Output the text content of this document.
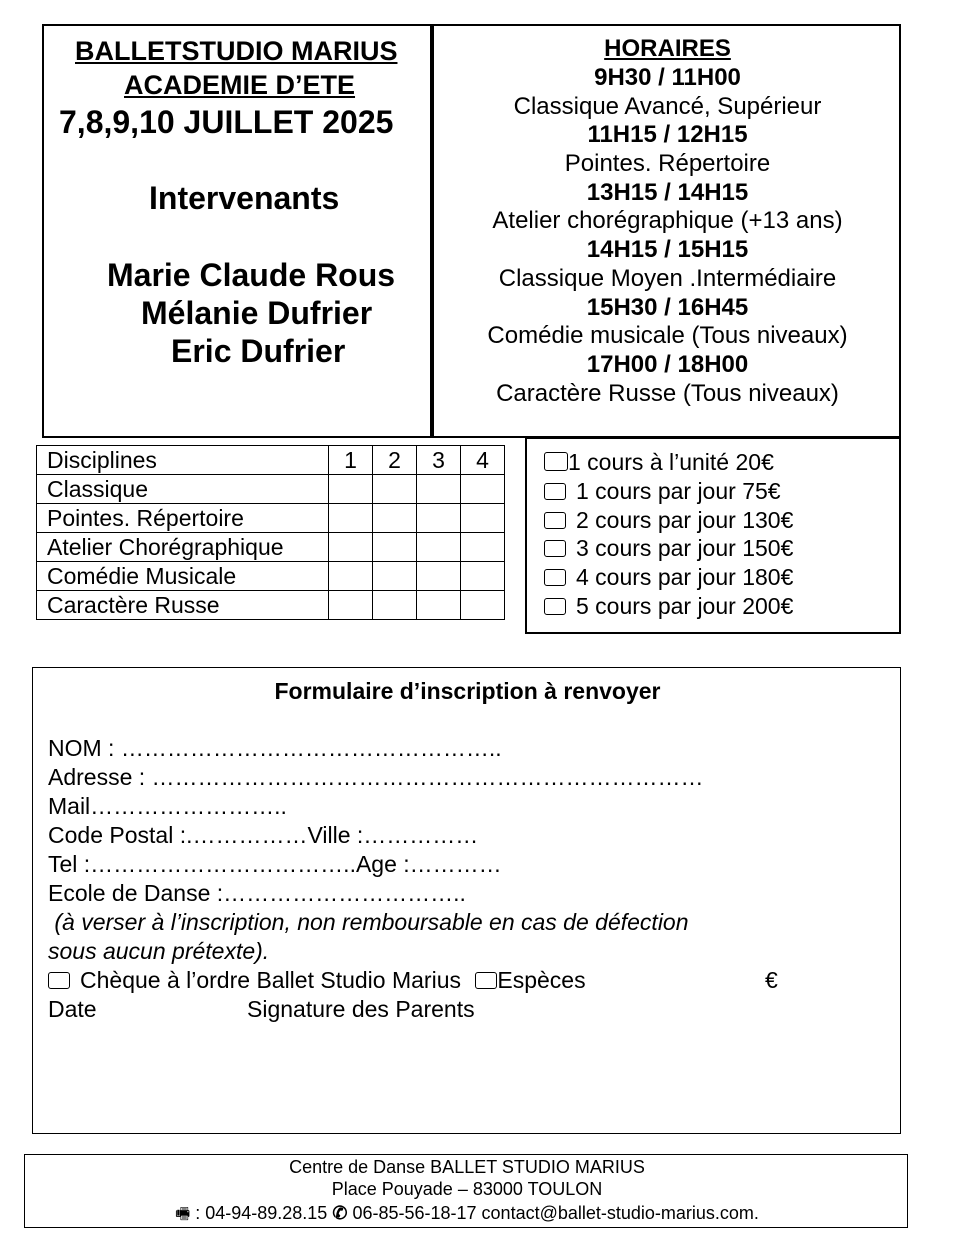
BALLETSTUDIO MARIUS
ACADEMIE D’ETE
7,8,9,10 JUILLET 2025
Intervenants
Marie Claude Rous
Mélanie Dufrier
Eric Dufrier
HORAIRES
9H30 / 11H00
Classique Avancé, Supérieur
11H15 / 12H15
Pointes. Répertoire
13H15 / 14H15
Atelier chorégraphique (+13 ans)
14H15 / 15H15
Classique Moyen .Intermédiaire
15H30 / 16H45
Comédie musicale (Tous niveaux)
17H00 / 18H00
Caractère Russe (Tous niveaux)
Disciplines	1	2	3	4
Classique				
Pointes. Répertoire				
Atelier Chorégraphique				
Comédie Musicale				
Caractère Russe				
1 cours à l’unité 20€
1 cours par jour 75€
2 cours par jour 130€
3 cours par jour 150€
4 cours par jour 180€
5 cours par jour 200€
Formulaire d’inscription à renvoyer
NOM : …………………………………………..
Adresse : ………………………………………………………………
Mail……………………..
Code Postal :.……………Ville :……………
Tel :……………………………..Age :…………
Ecole de Danse :…………………………..
(à verser à l’inscription, non remboursable en cas de défection
sous aucun prétexte).
Chèque à l’ordre Ballet Studio Marius Espèces	€
Date	Signature des Parents
Centre de Danse BALLET STUDIO MARIUS
Place Pouyade – 83000 TOULON
🖷 : 04-94-89.28.15 ✆ 06-85-56-18-17 contact@ballet-studio-marius.com.
